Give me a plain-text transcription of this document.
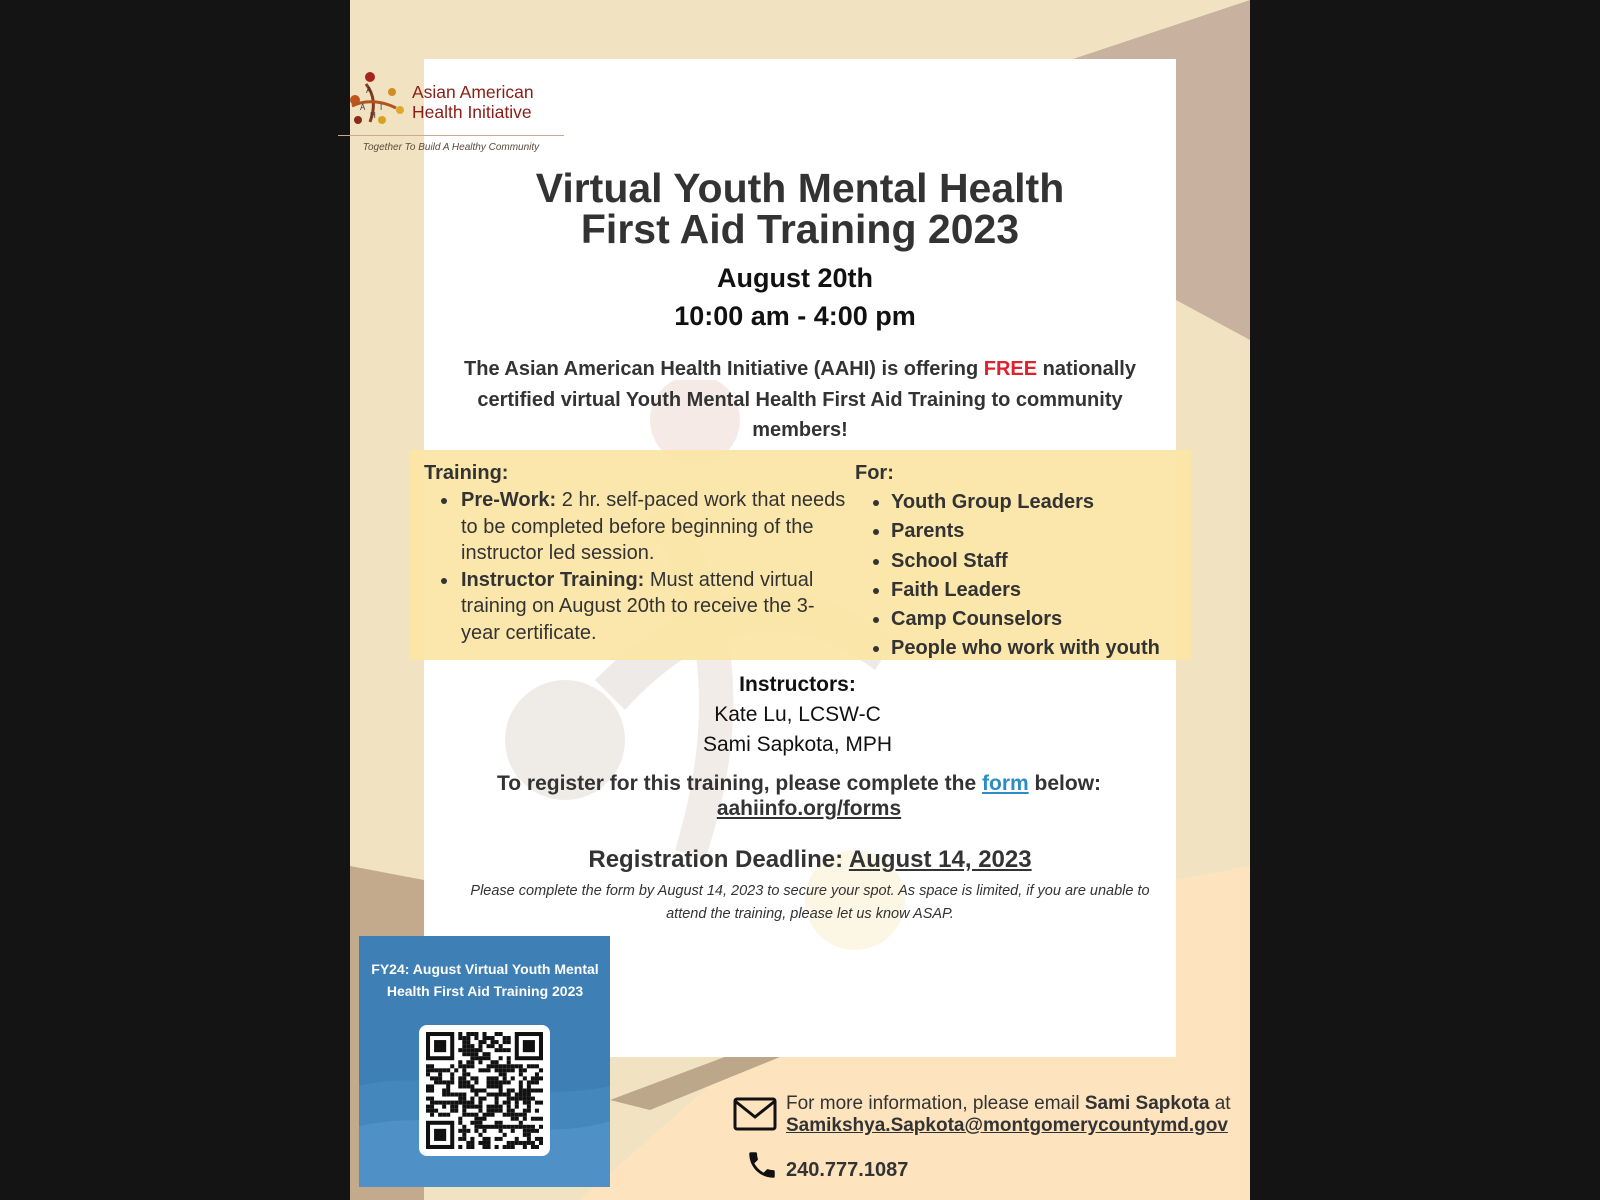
A
A
H
I
Asian American
Health Initiative
Together To Build A Healthy Community
Virtual Youth Mental Health
First Aid Training 2023
August 20th
10:00 am - 4:00 pm
The Asian American Health Initiative (AAHI) is offering FREE nationally certified virtual Youth Mental Health First Aid Training to community members!
Training:
• Pre-Work: 2 hr. self-paced work that needs to be completed before beginning of the instructor led session.
• Instructor Training: Must attend virtual training on August 20th to receive the 3-year certificate.
For:
• Youth Group Leaders
• Parents
• School Staff
• Faith Leaders
• Camp Counselors
• People who work with youth
Instructors:
Kate Lu, LCSW-C
Sami Sapkota, MPH
To register for this training, please complete the form below:
aahiinfo.org/forms
Registration Deadline: August 14, 2023
Please complete the form by August 14, 2023 to secure your spot. As space is limited, if you are unable to attend the training, please let us know ASAP.
FY24: August Virtual Youth Mental Health First Aid Training 2023
For more information, please email Sami Sapkota at
Samikshya.Sapkota@montgomerycountymd.gov
240.777.1087
